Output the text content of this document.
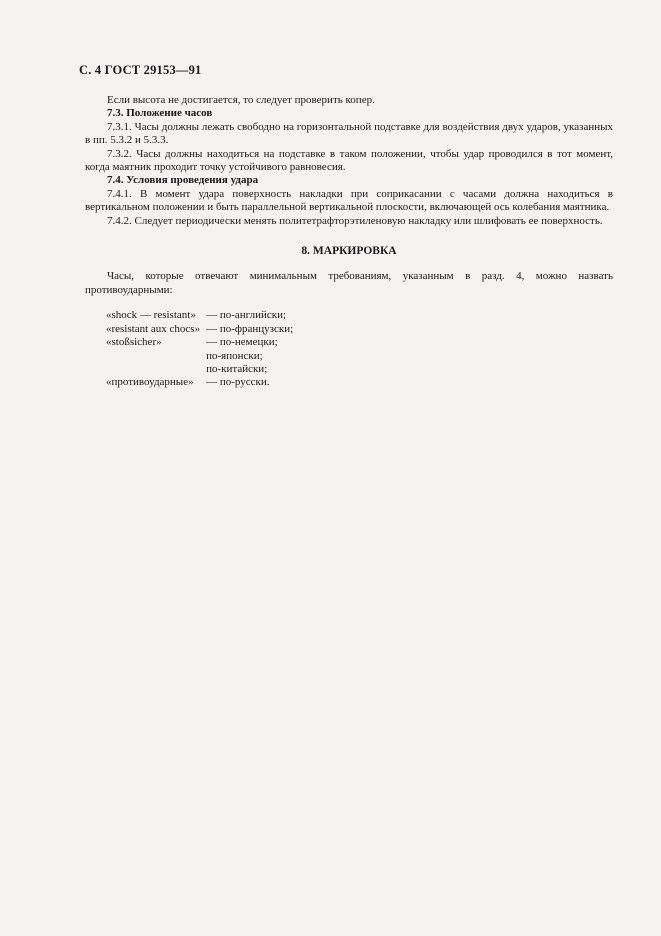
С. 4 ГОСТ 29153—91

Если высота не достигается, то следует проверить копер.

7.3. Положение часов

7.3.1. Часы должны лежать свободно на горизонтальной подставке для воздействия двух ударов, указанных в пп. 5.3.2 и 5.3.3.

7.3.2. Часы должны находиться на подставке в таком положении, чтобы удар проводился в тот момент, когда маятник проходит точку устойчивого равновесия.

7.4. Условия проведения удара

7.4.1. В момент удара поверхность накладки при соприкасании с часами должна находиться в вертикальном положении и быть параллельной вертикальной плоскости, включающей ось колебания маятника.

7.4.2. Следует периодически менять политетрафторэтиленовую накладку или шлифовать ее поверхность.

8. МАРКИРОВКА

Часы, которые отвечают минимальным требованиям, указанным в разд. 4, можно назвать противоударными:

«shock — resistant»	— по-английски;
«resistant aux chocs»	— по-французски;
«stoßsicher»	— по-немецки;
	по-японски;
	по-китайски;
«противоударные»	— по-русски.
